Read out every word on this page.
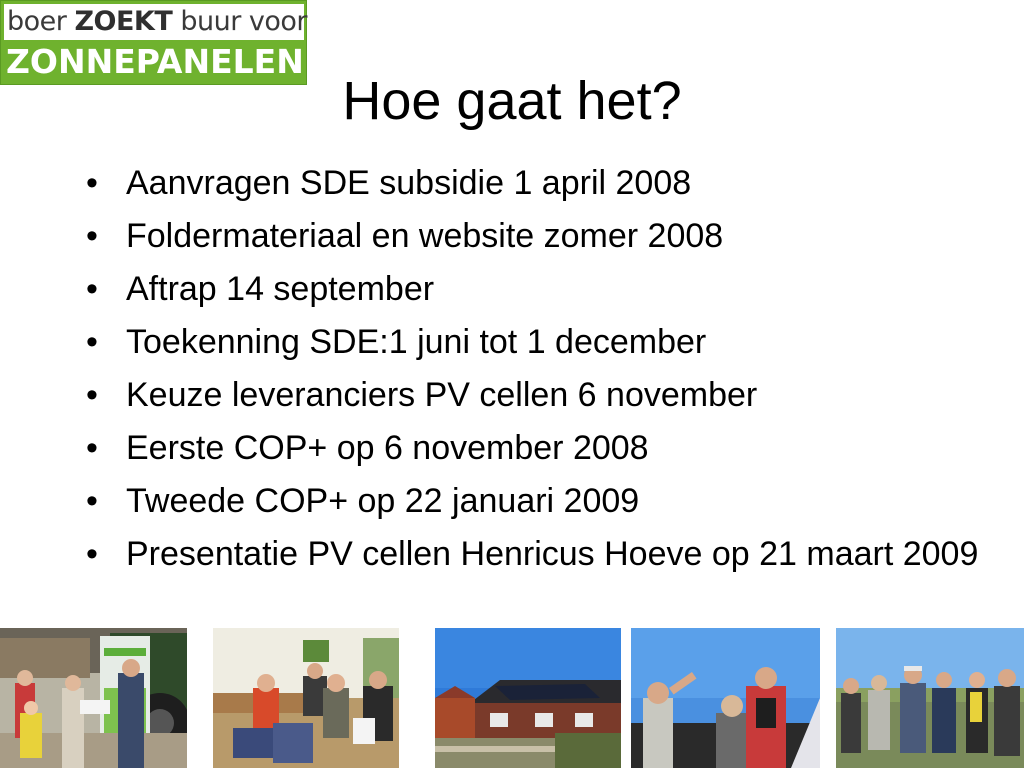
boer ZOEKT buur voor
ZONNEPANELEN
Hoe gaat het?
• Aanvragen SDE subsidie 1 april 2008
• Foldermateriaal en website zomer 2008
• Aftrap 14 september
• Toekenning SDE:1 juni tot 1 december
• Keuze leveranciers PV cellen 6 november
• Eerste COP+ op 6 november 2008
• Tweede COP+ op 22 januari 2009
• Presentatie PV cellen Henricus Hoeve op 21 maart 2009
